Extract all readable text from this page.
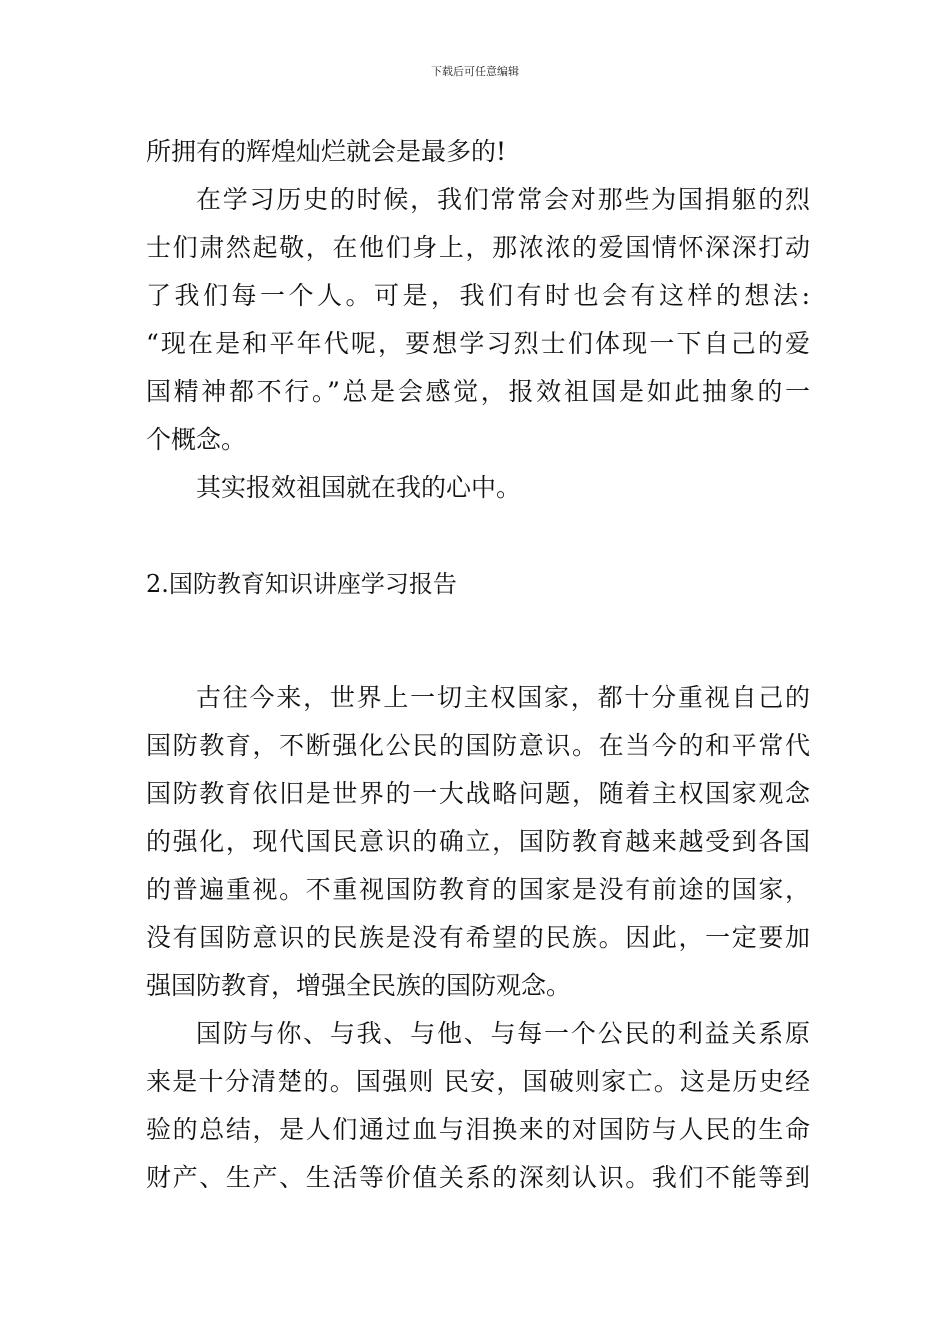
下载后可任意编辑
所拥有的辉煌灿烂就会是最多的!
在学习历史的时候，我们常常会对那些为国捐躯的烈
士们肃然起敬，在他们身上，那浓浓的爱国情怀深深打动
了我们每一个人。可是，我们有时也会有这样的想法:
“现在是和平年代呢，要想学习烈士们体现一下自己的爱
国精神都不行。”总是会感觉，报效祖国是如此抽象的一
个概念。
其实报效祖国就在我的心中。
2.国防教育知识讲座学习报告
古往今来，世界上一切主权国家，都十分重视自己的
国防教育，不断强化公民的国防意识。在当今的和平常代
国防教育依旧是世界的一大战略问题，随着主权国家观念
的强化，现代国民意识的确立，国防教育越来越受到各国
的普遍重视。不重视国防教育的国家是没有前途的国家，
没有国防意识的民族是没有希望的民族。因此，一定要加
强国防教育，增强全民族的国防观念。
国防与你、与我、与他、与每一个公民的利益关系原
来是十分清楚的。国强则 民安，国破则家亡。这是历史经
验的总结，是人们通过血与泪换来的对国防与人民的生命
财产、生产、生活等价值关系的深刻认识。我们不能等到
